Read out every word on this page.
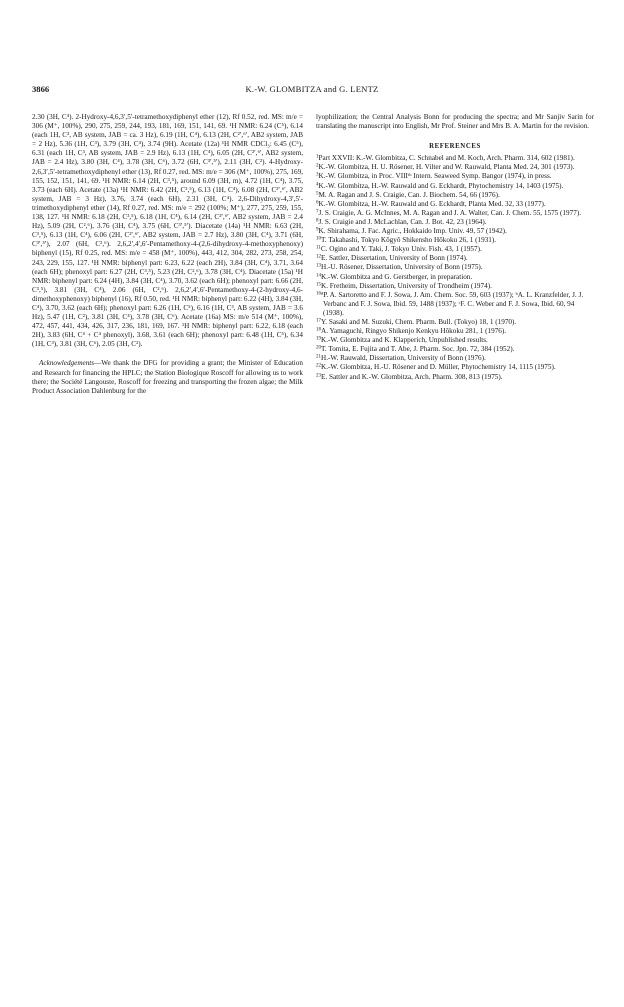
3866	K.-W. GLOMBITZA and G. LENTZ

2.30 (3H, C⁴). 2-Hydroxy-4,6,3′,5′-tetramethoxydiphenyl ether (12), Rf 0.52, red. MS: m/e = 306 (M⁺, 100%), 290, 275, 259, 244, 193, 181, 169, 151, 141, 69. ¹H NMR: 6.24 (C⁵), 6.14 (each 1H, C³, AB system, JAB = ca. 3 Hz), 6.19 (1H, C⁴), 6.13 (2H, C²′,⁶′, AB2 system, JAB = 2 Hz), 5.36 (1H, C³), 3.79 (3H, C⁴), 3.74 (9H). Acetate (12a) ¹H NMR CDCl₃: 6.45 (C⁵), 6.31 (each 1H, C³, AB system, JAB = 2.9 Hz), 6.13 (1H, C⁴), 6.05 (2H, C²′,⁶′, AB2 system, JAB = 2.4 Hz), 3.80 (3H, C⁴), 3.78 (3H, C⁶), 3.72 (6H, C³′,⁵′), 2.11 (3H, C²). 4-Hydroxy-2,6,3′,5′-tetramethoxydiphenyl ether (13), Rf 0.27, red. MS: m/e = 306 (M⁺, 100%), 275, 169, 155, 152, 151, 141, 69. ¹H NMR: 6.14 (2H, C³,⁵), around 6.09 (3H, m), 4.72 (1H, C⁴), 3.75, 3.73 (each 6H). Acetate (13a) ¹H NMR: 6.42 (2H, C³,⁵), 6.13 (1H, C⁴), 6.08 (2H, C²′,⁶′, AB2 system, JAB = 3 Hz), 3.76, 3.74 (each 6H), 2.31 (3H, C⁴). 2,6-Dihydroxy-4,3′,5′-trimethoxydiphenyl ether (14), Rf 0.27, red. MS: m/e = 292 (100%; M⁺), 277, 275, 259, 155, 138, 127. ¹H NMR: 6.18 (2H, C³,⁵), 6.18 (1H, C⁴), 6.14 (2H, C²′,⁶′, AB2 system, JAB = 2.4 Hz), 5.09 (2H, C²,⁶), 3.76 (3H, C⁴), 3.75 (6H, C³′,⁵′). Diacetate (14a) ¹H NMR: 6.63 (2H, C³,⁵), 6.13 (1H, C⁴), 6.06 (2H, C²′,⁶′, AB2 system, JAB = 2.7 Hz), 3.80 (3H, C⁴), 3.71 (6H, C³′,⁵′), 2.07 (6H, C²,⁶). 2,6,2′,4′,6′-Pentamethoxy-4-(2,6-dihydroxy-4-methoxyphenoxy) biphenyl (15), Rf 0.25, red. MS: m/e = 458 (M⁺, 100%), 443, 412, 304, 282, 273, 258, 254, 243, 229, 155, 127. ¹H NMR: biphenyl part: 6.23, 6.22 (each 2H), 3.84 (3H, C⁴), 3.71, 3.64 (each 6H); phenoxyl part: 6.27 (2H, C³,⁵), 5.23 (2H, C²,⁶), 3.78 (3H, C⁴). Diacetate (15a) ¹H NMR: biphenyl part: 6.24 (4H), 3.84 (3H, C⁴), 3.70, 3.62 (each 6H); phenoxyl part: 6.66 (2H, C³,⁵), 3.81 (3H, C⁴), 2.06 (6H, C²,⁶). 2,6,2′,4′,6′-Pentamethoxy-4-(2-hydroxy-4,6-dimethoxyphenoxy) biphenyl (16), Rf 0.50, red. ¹H NMR: biphenyl part: 6.22 (4H), 3.84 (3H, C⁴), 3.70, 3.62 (each 6H); phenoxyl part: 6.26 (1H, C⁵), 6.16 (1H, C³, AB system, JAB = 3.6 Hz), 5.47 (1H, C²), 3.81 (3H, C⁴), 3.78 (3H, C⁶). Acetate (16a) MS: m/e 514 (M⁺, 100%), 472, 457, 441, 434, 426, 317, 236, 181, 169, 167. ¹H NMR: biphenyl part: 6.22, 6.18 (each 2H), 3.83 (6H, C⁴ + C⁴ phenoxyl), 3.68, 3.61 (each 6H); phenoxyl part: 6.48 (1H, C⁵), 6.34 (1H, C³), 3.81 (3H, C⁶), 2.05 (3H, C²).

Acknowledgements—We thank the DFG for providing a grant; the Minister of Education and Research for financing the HPLC; the Station Biologique Roscoff for allowing us to work there; the Société Langouste, Roscoff for freezing and transporting the frozen algae; the Milk Product Association Dahlenburg for the

lyophilization; the Central Analysis Bonn for producing the spectra; and Mr Sanjiv Sarin for translating the manuscript into English, Mr Prof. Steiner and Mrs B. A. Martin for the revision.

REFERENCES

$^1$Part XXVII: K.-W. Glombitza, C. Schnabel and M. Koch, Arch. Pharm. 314, 602 (1981).

$^2$K.-W. Glombitza, H. U. Rösener, H. Vilter and W. Rauwald, Planta Med. 24, 301 (1973).

$^3$K.-W. Glombitza, in Proc. VIIIᵗʰ Intern. Seaweed Symp. Bangor (1974), in press.

$^4$K.-W. Glombitza, H.-W. Rauwald and G. Eckhardt, Phytochemistry 14, 1403 (1975).

$^5$M. A. Ragan and J. S. Craigie, Can. J. Biochem. 54, 66 (1976).

$^6$K.-W. Glombitza, H.-W. Rauwald and G. Eckhardt, Planta Med. 32, 33 (1977).

$^7$J. S. Craigie, A. G. McInnes, M. A. Ragan and J. A. Walter, Can. J. Chem. 55, 1575 (1977).

$^8$J. S. Craigie and J. McLachlan, Can. J. Bot. 42, 23 (1964).

$^9$K. Shirahama, J. Fac. Agric., Hokkaido Imp. Univ. 49, 57 (1942).

$^{10}$T. Takahashi, Tokyo Kôgyô Shikensho Hôkoku 26, 1 (1931).

$^{11}$C. Ogino and Y. Taki, J. Tokyo Univ. Fish. 43, 1 (1957).

$^{12}$E. Sattler, Dissertation, University of Bonn (1974).

$^{13}$H.-U. Rösener, Dissertation, University of Bonn (1975).

$^{14}$K.-W. Glombitza and G. Gerstberger, in preparation.

$^{15}$K. Fretheim, Dissertation, University of Trondheim (1974).

$^{16a}$P. A. Sartoretto and F. J. Sowa, J. Am. Chem. Soc. 59, 603 (1937); ᵇA. L. Kranzfelder, J. J. Verbanc and F. J. Sowa, Ibid. 59, 1488 (1937); ᶜF. C. Weber and F. J. Sowa, Ibid. 60, 94 (1938).

$^{17}$Y. Sasaki and M. Suzuki, Chem. Pharm. Bull. (Tokyo) 18, 1 (1970).

$^{18}$A. Yamaguchi, Ringyo Shikenjo Kenkyu Hôkoku 281, 1 (1976).

$^{19}$K.-W. Glombitza and K. Klapperich, Unpublished results.

$^{20}$T. Tomita, E. Fujita and T. Abe, J. Pharm. Soc. Jpn. 72, 384 (1952).

$^{21}$H.-W. Rauwald, Dissertation, University of Bonn (1976).

$^{22}$K.-W. Glombitza, H.-U. Rösener and D. Müller, Phytochemistry 14, 1115 (1975).

$^{23}$E. Sattler and K.-W. Glombitza, Arch. Pharm. 308, 813 (1975).
